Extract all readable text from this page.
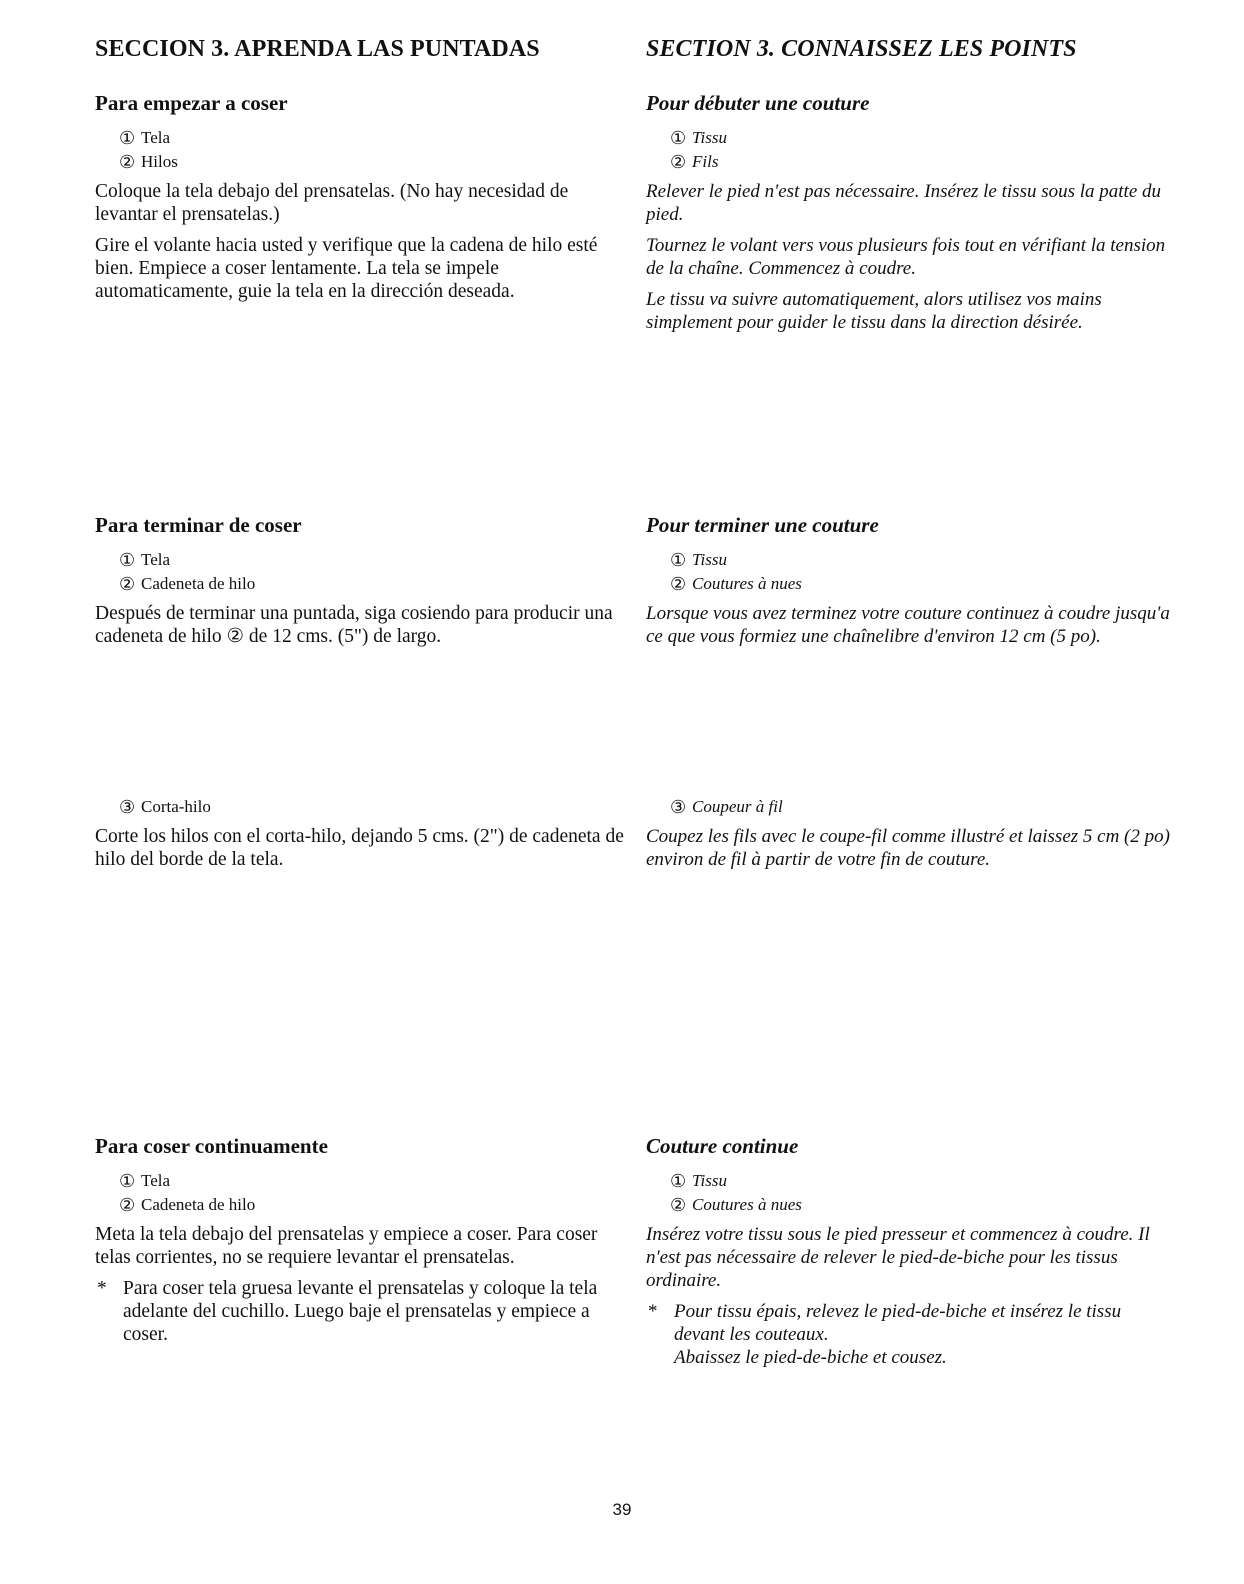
SECCION 3. APRENDA LAS PUNTADAS	SECTION 3. CONNAISSEZ LES POINTS
Para empezar a coser
① Tela
② Hilos

Coloque la tela debajo del prensatelas. (No hay necesidad de levantar el prensatelas.)

Gire el volante hacia usted y verifique que la cadena de hilo esté bien. Empiece a coser lentamente. La tela se impele automaticamente, guie la tela en la dirección deseada.

Para terminar de coser
① Tela
② Cadeneta de hilo

Después de terminar una puntada, siga cosiendo para producir una cadeneta de hilo ② de 12 cms. (5") de largo.

③ Corta-hilo

Corte los hilos con el corta-hilo, dejando 5 cms. (2") de cadeneta de hilo del borde de la tela.

Para coser continuamente
① Tela
② Cadeneta de hilo

Meta la tela debajo del prensatelas y empiece a coser. Para coser telas corrientes, no se requiere levantar el prensatelas.

* Para coser tela gruesa levante el prensatelas y coloque la tela adelante del cuchillo. Luego baje el prensatelas y empiece a coser.
Pour débuter une couture
① Tissu
② Fils

Relever le pied n'est pas nécessaire. Insérez le tissu sous la patte du pied.

Tournez le volant vers vous plusieurs fois tout en vérifiant la tension de la chaîne. Commencez à coudre.

Le tissu va suivre automatiquement, alors utilisez vos mains simplement pour guider le tissu dans la direction désirée.

Pour terminer une couture
① Tissu
② Coutures à nues

Lorsque vous avez terminez votre couture continuez à coudre jusqu'a ce que vous formiez une chaînelibre d'environ 12 cm (5 po).

③ Coupeur à fil

Coupez les fils avec le coupe-fil comme illustré et laissez 5 cm (2 po) environ de fil à partir de votre fin de couture.

Couture continue
① Tissu
② Coutures à nues

Insérez votre tissu sous le pied presseur et commencez à coudre. Il n'est pas nécessaire de relever le pied-de-biche pour les tissus ordinaire.

* Pour tissu épais, relevez le pied-de-biche et insérez le tissu devant les couteaux.
Abaissez le pied-de-biche et cousez.
39
